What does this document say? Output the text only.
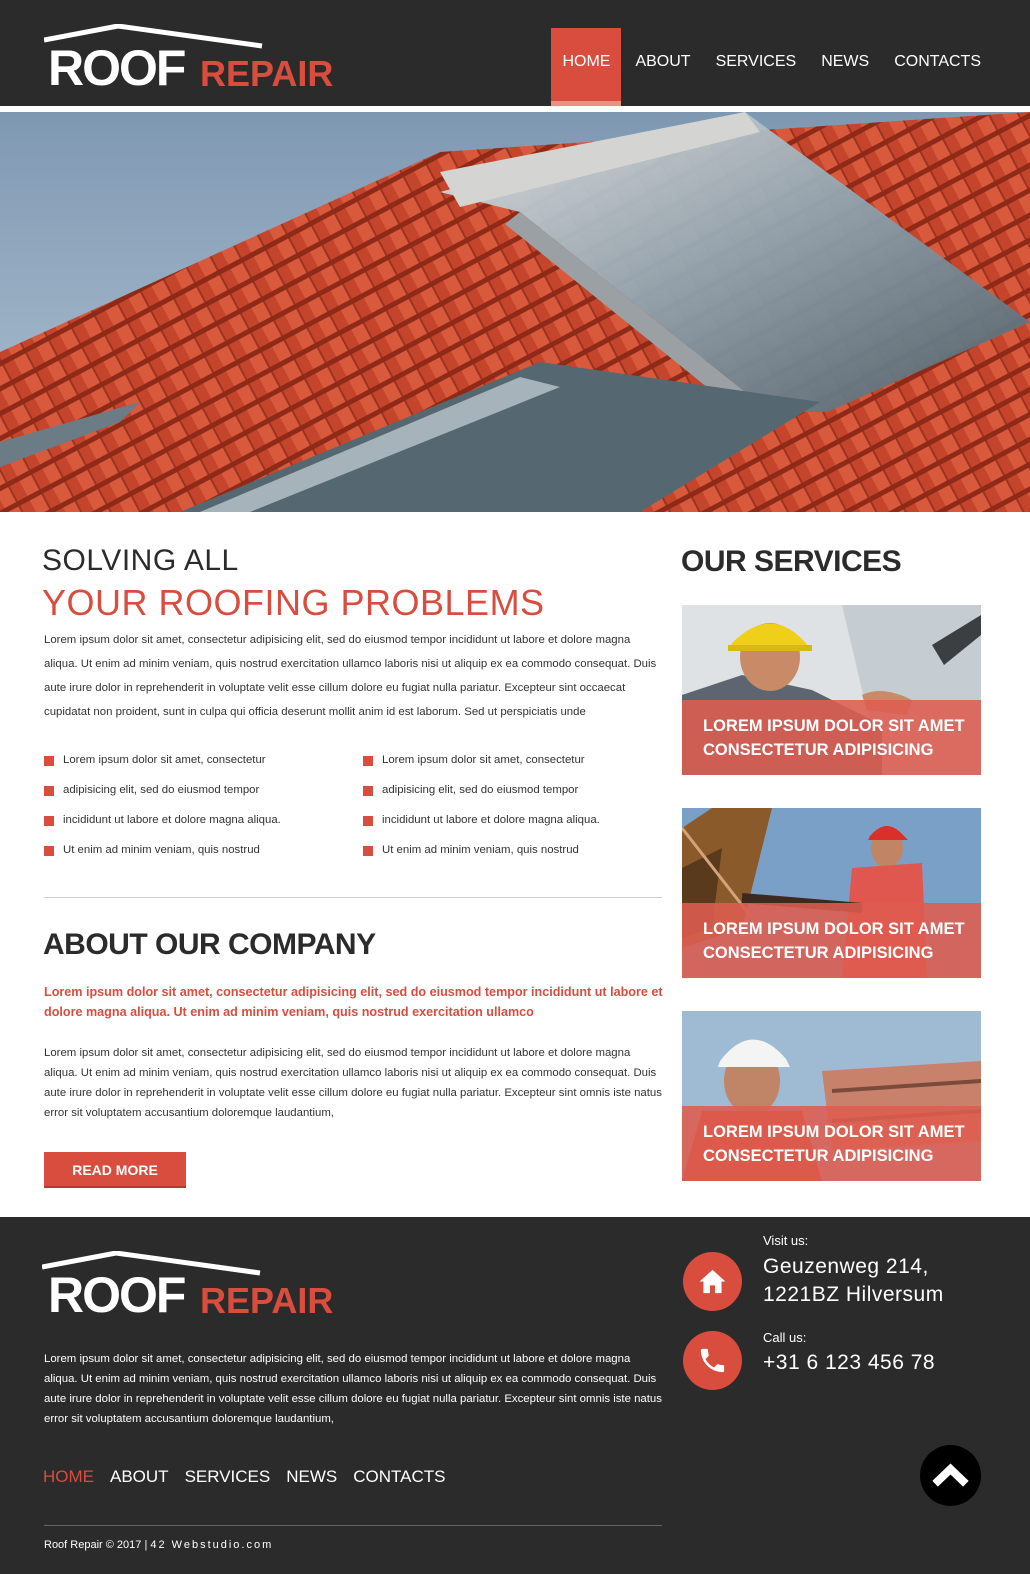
ROOF REPAIR	HOME	ABOUT	SERVICES	NEWS	CONTACTS
SOLVING ALL
YOUR ROOFING PROBLEMS

Lorem ipsum dolor sit amet, consectetur adipisicing elit, sed do eiusmod tempor incididunt ut labore et dolore magna aliqua. Ut enim ad minim veniam, quis nostrud exercitation ullamco laboris nisi ut aliquip ex ea commodo consequat. Duis aute irure dolor in reprehenderit in voluptate velit esse cillum dolore eu fugiat nulla pariatur. Excepteur sint occaecat cupidatat non proident, sunt in culpa qui officia deserunt mollit anim id est laborum. Sed ut perspiciatis unde

Lorem ipsum dolor sit amet, consectetur
adipisicing elit, sed do eiusmod tempor
incididunt ut labore et dolore magna aliqua.
Ut enim ad minim veniam, quis nostrud
Lorem ipsum dolor sit amet, consectetur
adipisicing elit, sed do eiusmod tempor
incididunt ut labore et dolore magna aliqua.
Ut enim ad minim veniam, quis nostrud
ABOUT OUR COMPANY

Lorem ipsum dolor sit amet, consectetur adipisicing elit, sed do eiusmod tempor incididunt ut labore et dolore magna aliqua. Ut enim ad minim veniam, quis nostrud exercitation ullamco

Lorem ipsum dolor sit amet, consectetur adipisicing elit, sed do eiusmod tempor incididunt ut labore et dolore magna aliqua. Ut enim ad minim veniam, quis nostrud exercitation ullamco laboris nisi ut aliquip ex ea commodo consequat. Duis aute irure dolor in reprehenderit in voluptate velit esse cillum dolore eu fugiat nulla pariatur. Excepteur sint omnis iste natus error sit voluptatem accusantium doloremque laudantium,

READ MORE
OUR SERVICES
LOREM IPSUM DOLOR SIT AMET
CONSECTETUR ADIPISICING
LOREM IPSUM DOLOR SIT AMET
CONSECTETUR ADIPISICING
LOREM IPSUM DOLOR SIT AMET
CONSECTETUR ADIPISICING
ROOF REPAIR

Lorem ipsum dolor sit amet, consectetur adipisicing elit, sed do eiusmod tempor incididunt ut labore et dolore magna aliqua. Ut enim ad minim veniam, quis nostrud exercitation ullamco laboris nisi ut aliquip ex ea commodo consequat. Duis aute irure dolor in reprehenderit in voluptate velit esse cillum dolore eu fugiat nulla pariatur. Excepteur sint omnis iste natus error sit voluptatem accusantium doloremque laudantium,

HOME ABOUT SERVICES NEWS CONTACTS
Roof Repair © 2017 | 42 Webstudio.com
Visit us:
Geuzenweg 214,
1221BZ Hilversum
Call us:
+31 6 123 456 78
